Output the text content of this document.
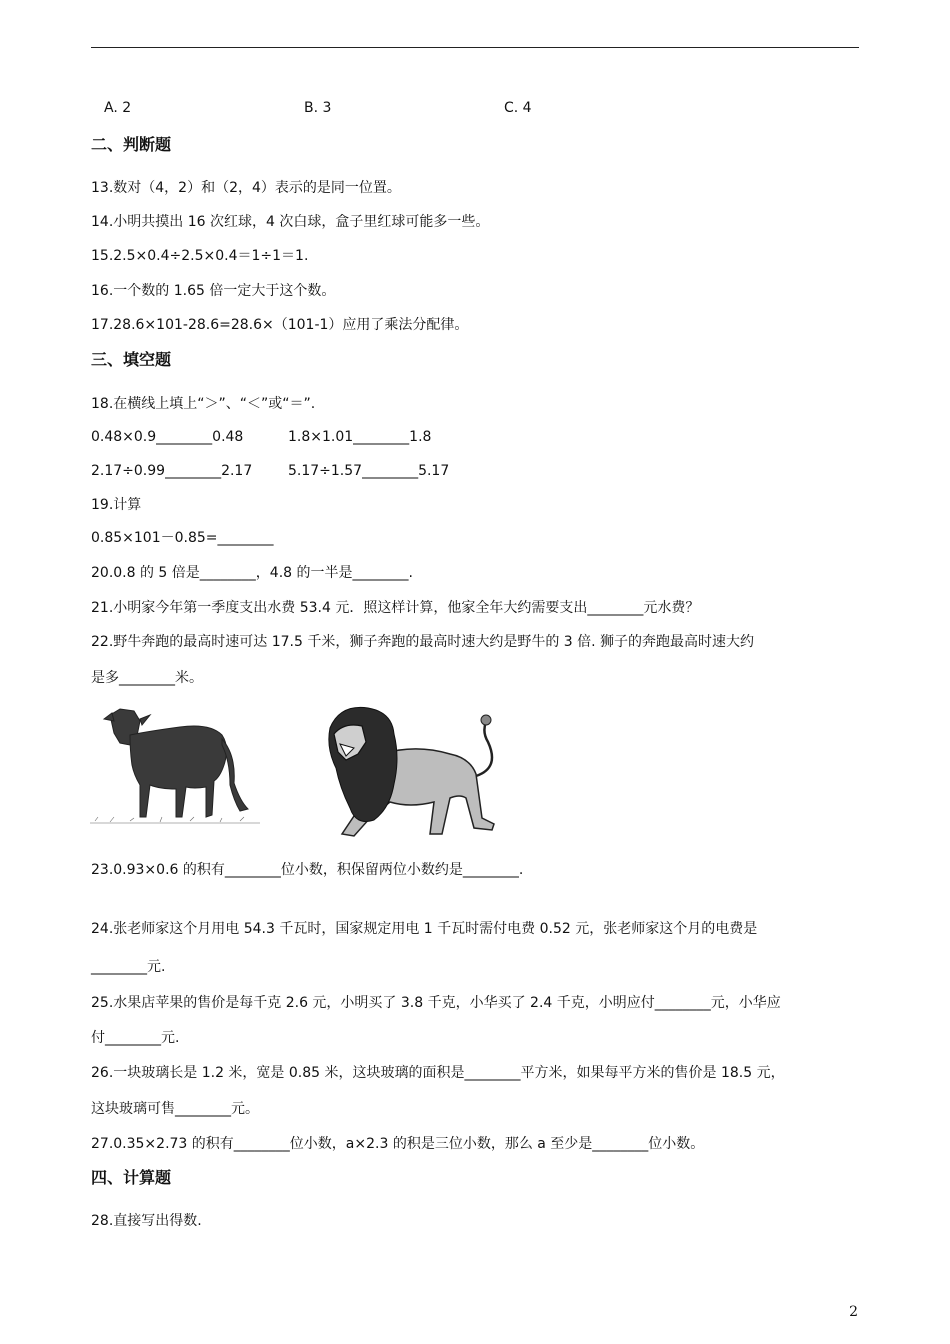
A. 2	B. 3	C. 4
二、判断题
13.数对（4，2）和（2，4）表示的是同一位置。
14.小明共摸出 16 次红球，4 次白球，盒子里红球可能多一些。
15.2.5×0.4÷2.5×0.4＝1÷1＝1.
16.一个数的 1.65 倍一定大于这个数。
17.28.6×101-28.6=28.6×（101-1）应用了乘法分配律。
三、填空题
18.在横线上填上“＞”、“＜”或“＝”.
0.48×0.9________0.48	1.8×1.01________1.8
2.17÷0.99________2.17	5.17÷1.57________5.17
19.计算
0.85×101－0.85=________
20.0.8 的 5 倍是________，4.8 的一半是________.
21.小明家今年第一季度支出水费 53.4 元．照这样计算，他家全年大约需要支出________元水费？
22.野牛奔跑的最高时速可达 17.5 千米，狮子奔跑的最高时速大约是野牛的 3 倍. 狮子的奔跑最高时速大约
是多________米。
23.0.93×0.6 的积有________位小数，积保留两位小数约是________.
24.张老师家这个月用电 54.3 千瓦时，国家规定用电 1 千瓦时需付电费 0.52 元，张老师家这个月的电费是
________元.
25.水果店苹果的售价是每千克 2.6 元，小明买了 3.8 千克，小华买了 2.4 千克，小明应付________元，小华应
付________元.
26.一块玻璃长是 1.2 米，宽是 0.85 米，这块玻璃的面积是________平方米，如果每平方米的售价是 18.5 元，
这块玻璃可售________元。
27.0.35×2.73 的积有________位小数，a×2.3 的积是三位小数，那么 a 至少是________位小数。
四、计算题
28.直接写出得数.
2
